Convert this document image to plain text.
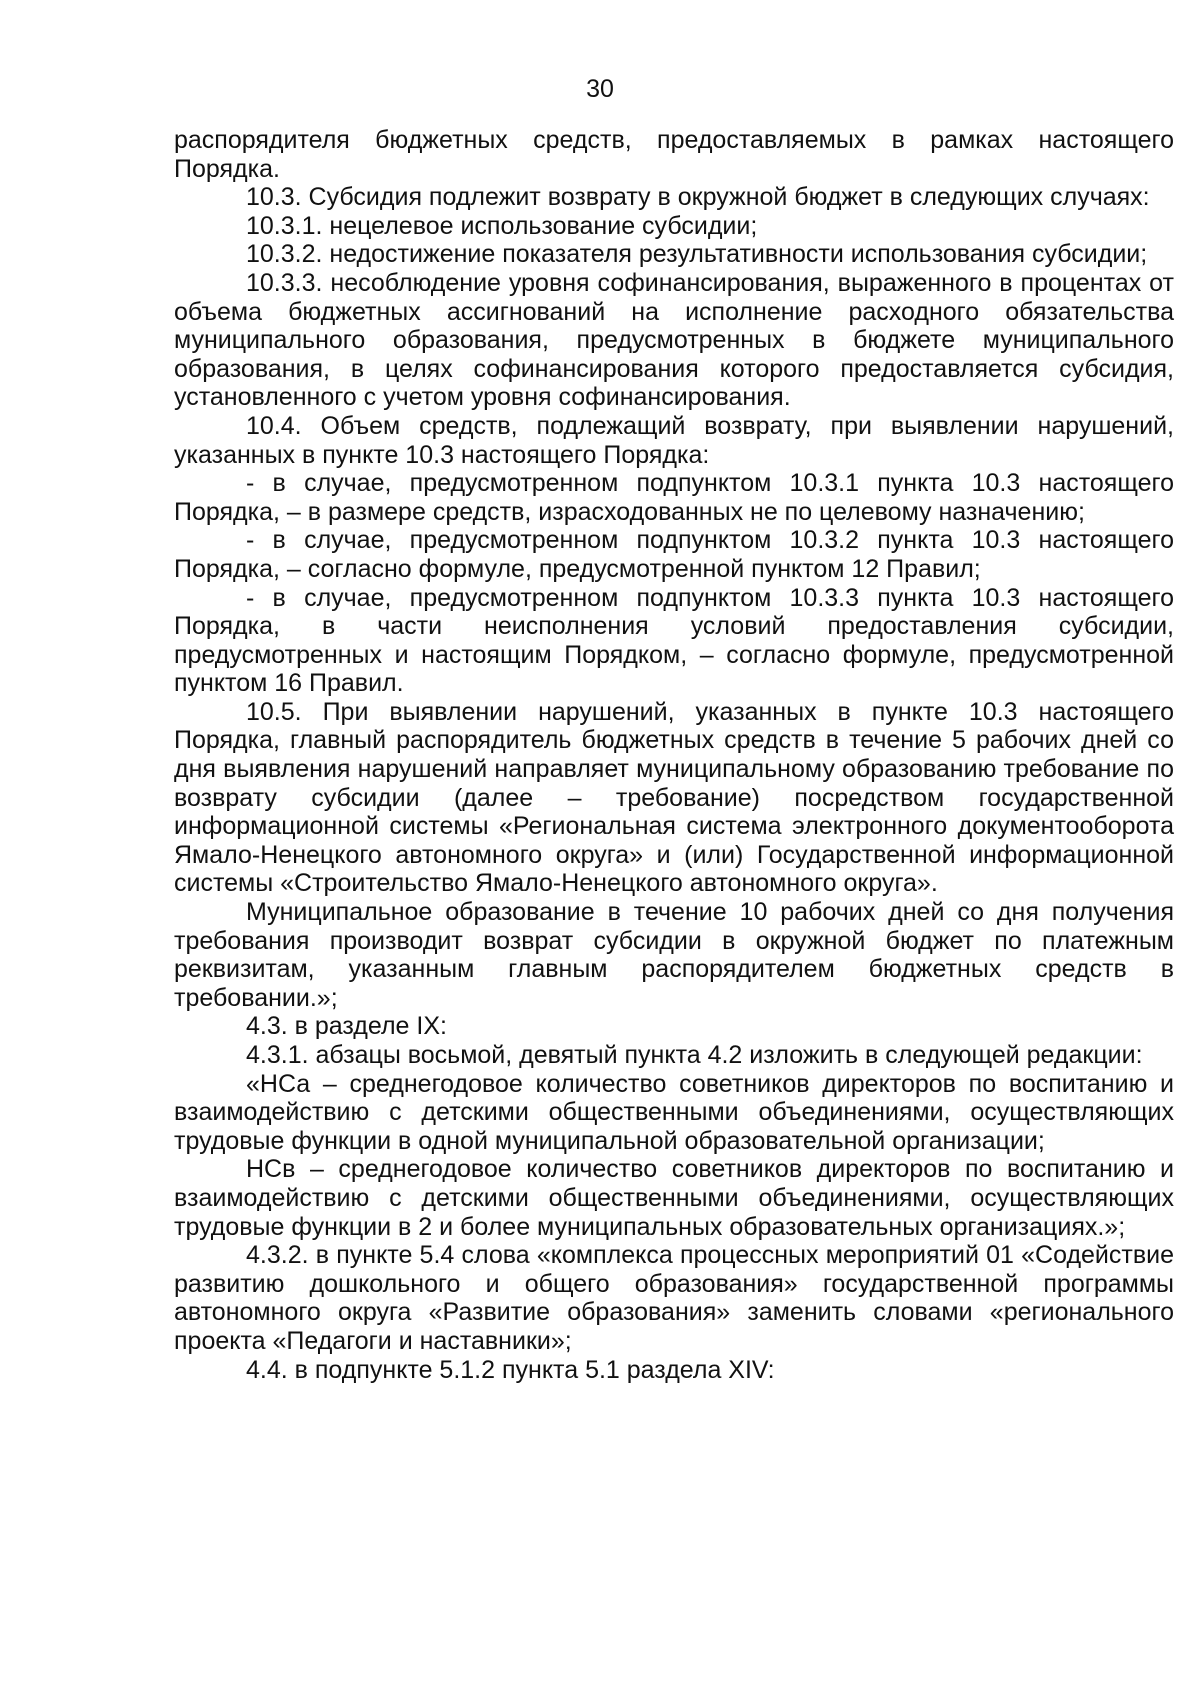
30

распорядителя бюджетных средств, предоставляемых в рамках настоящего Порядка.

10.3. Субсидия подлежит возврату в окружной бюджет в следующих случаях:

10.3.1. нецелевое использование субсидии;

10.3.2. недостижение показателя результативности использования субсидии;

10.3.3. несоблюдение уровня софинансирования, выраженного в процентах от объема бюджетных ассигнований на исполнение расходного обязательства муниципального образования, предусмотренных в бюджете муниципального образования, в целях софинансирования которого предоставляется субсидия, установленного с учетом уровня софинансирования.

10.4. Объем средств, подлежащий возврату, при выявлении нарушений, указанных в пункте 10.3 настоящего Порядка:

- в случае, предусмотренном подпунктом 10.3.1 пункта 10.3 настоящего Порядка, – в размере средств, израсходованных не по целевому назначению;

- в случае, предусмотренном подпунктом 10.3.2 пункта 10.3 настоящего Порядка, – согласно формуле, предусмотренной пунктом 12 Правил;

- в случае, предусмотренном подпунктом 10.3.3 пункта 10.3 настоящего Порядка, в части неисполнения условий предоставления субсидии, предусмотренных и настоящим Порядком, – согласно формуле, предусмотренной пунктом 16 Правил.

10.5. При выявлении нарушений, указанных в пункте 10.3 настоящего Порядка, главный распорядитель бюджетных средств в течение 5 рабочих дней со дня выявления нарушений направляет муниципальному образованию требование по возврату субсидии (далее – требование) посредством государственной информационной системы «Региональная система электронного документооборота Ямало-Ненецкого автономного округа» и (или) Государственной информационной системы «Строительство Ямало-Ненецкого автономного округа».

Муниципальное образование в течение 10 рабочих дней со дня получения требования производит возврат субсидии в окружной бюджет по платежным реквизитам, указанным главным распорядителем бюджетных средств в требовании.»;

4.3. в разделе IX:

4.3.1. абзацы восьмой, девятый пункта 4.2 изложить в следующей редакции:

«НСа – среднегодовое количество советников директоров по воспитанию и взаимодействию с детскими общественными объединениями, осуществляющих трудовые функции в одной муниципальной образовательной организации;

НСв – среднегодовое количество советников директоров по воспитанию и взаимодействию с детскими общественными объединениями, осуществляющих трудовые функции в 2 и более муниципальных образовательных организациях.»;

4.3.2. в пункте 5.4 слова «комплекса процессных мероприятий 01 «Содействие развитию дошкольного и общего образования» государственной программы автономного округа «Развитие образования» заменить словами «регионального проекта «Педагоги и наставники»;

4.4. в подпункте 5.1.2 пункта 5.1 раздела XIV:
